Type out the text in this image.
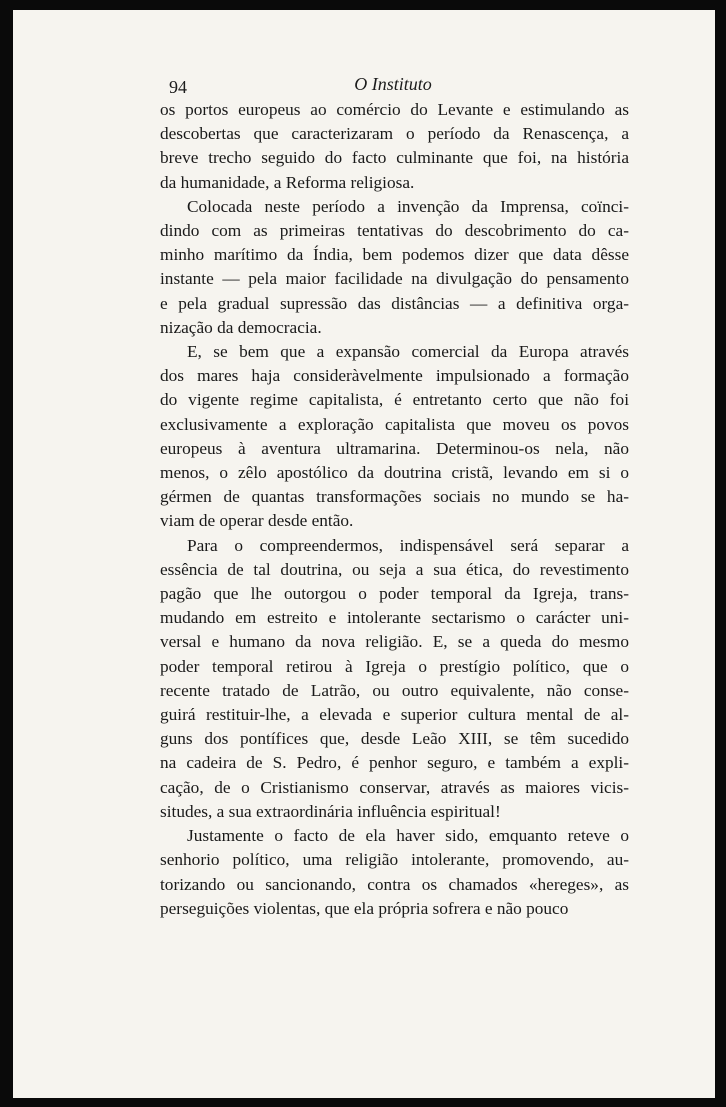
94	O Instituto

os portos europeus ao comércio do Levante e estimulando as

descobertas que caracterizaram o período da Renascença, a

breve trecho seguido do facto culminante que foi, na história

da humanidade, a Reforma religiosa.

Colocada neste período a invenção da Imprensa, coïnci-

dindo com as primeiras tentativas do descobrimento do ca-

minho marítimo da Índia, bem podemos dizer que data dêsse

instante — pela maior facilidade na divulgação do pensamento

e pela gradual supressão das distâncias — a definitiva orga-

nização da democracia.

E, se bem que a expansão comercial da Europa através

dos mares haja consideràvelmente impulsionado a formação

do vigente regime capitalista, é entretanto certo que não foi

exclusivamente a exploração capitalista que moveu os povos

europeus à aventura ultramarina. Determinou-os nela, não

menos, o zêlo apostólico da doutrina cristã, levando em si o

gérmen de quantas transformações sociais no mundo se ha-

viam de operar desde então.

Para o compreendermos, indispensável será separar a

essência de tal doutrina, ou seja a sua ética, do revestimento

pagão que lhe outorgou o poder temporal da Igreja, trans-

mudando em estreito e intolerante sectarismo o carácter uni-

versal e humano da nova religião. E, se a queda do mesmo

poder temporal retirou à Igreja o prestígio político, que o

recente tratado de Latrão, ou outro equivalente, não conse-

guirá restituir-lhe, a elevada e superior cultura mental de al-

guns dos pontífices que, desde Leão XIII, se têm sucedido

na cadeira de S. Pedro, é penhor seguro, e também a expli-

cação, de o Cristianismo conservar, através as maiores vicis-

situdes, a sua extraordinária influência espiritual!

Justamente o facto de ela haver sido, emquanto reteve o

senhorio político, uma religião intolerante, promovendo, au-

torizando ou sancionando, contra os chamados «hereges», as

perseguições violentas, que ela própria sofrera e não pouco
